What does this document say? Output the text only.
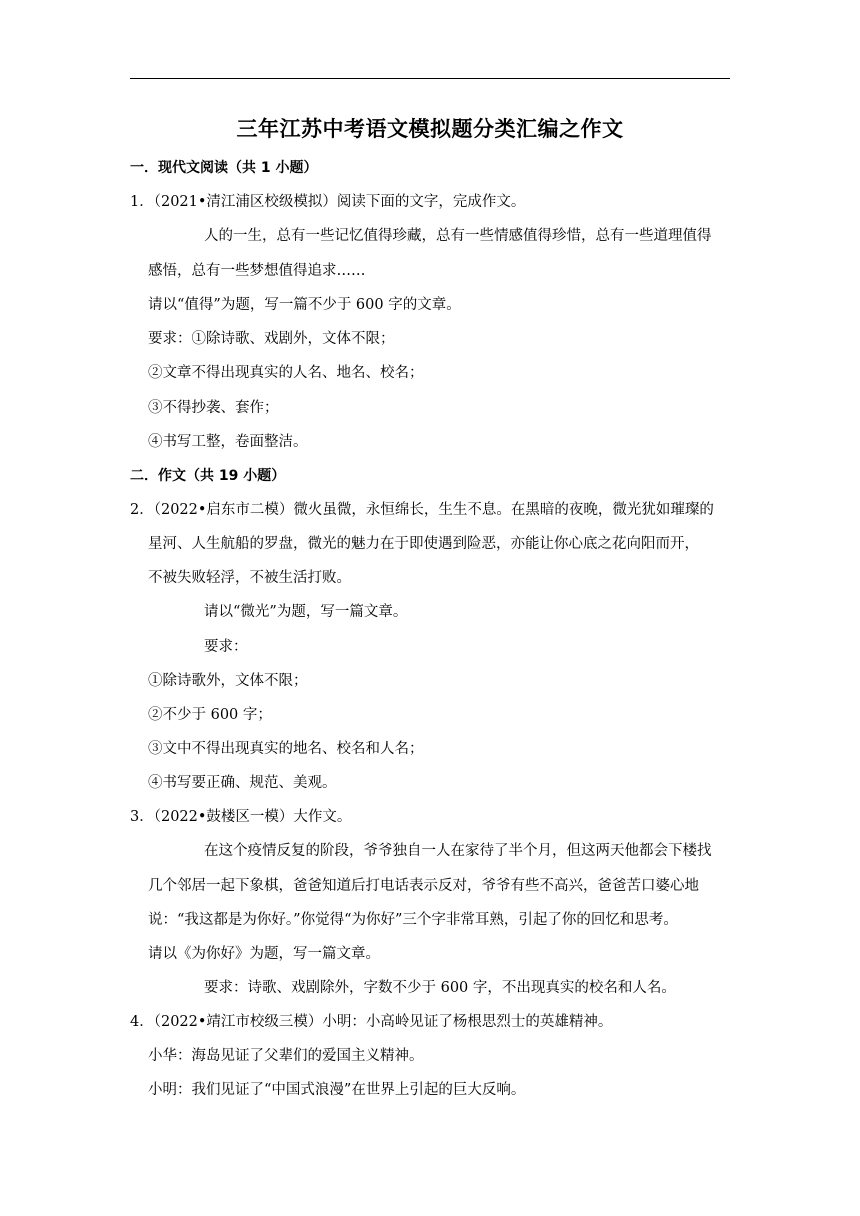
三年江苏中考语文模拟题分类汇编之作文
一．现代文阅读（共 1 小题）
1．（2021•清江浦区校级模拟）阅读下面的文字，完成作文。
人的一生，总有一些记忆值得珍藏，总有一些情感值得珍惜，总有一些道理值得
感悟，总有一些梦想值得追求……
请以“值得”为题，写一篇不少于 600 字的文章。
要求：①除诗歌、戏剧外，文体不限；
②文章不得出现真实的人名、地名、校名；
③不得抄袭、套作；
④书写工整，卷面整洁。
二．作文（共 19 小题）
2．（2022•启东市二模）微火虽微，永恒绵长，生生不息。在黑暗的夜晚，微光犹如璀璨的
星河、人生航船的罗盘，微光的魅力在于即使遇到险恶，亦能让你心底之花向阳而开，
不被失败轻浮，不被生活打败。
请以“微光”为题，写一篇文章。
要求：
①除诗歌外，文体不限；
②不少于 600 字；
③文中不得出现真实的地名、校名和人名；
④书写要正确、规范、美观。
3．（2022•鼓楼区一模）大作文。
在这个疫情反复的阶段，爷爷独自一人在家待了半个月，但这两天他都会下楼找
几个邻居一起下象棋，爸爸知道后打电话表示反对，爷爷有些不高兴，爸爸苦口婆心地
说：“我这都是为你好。”你觉得“为你好”三个字非常耳熟，引起了你的回忆和思考。
请以《为你好》为题，写一篇文章。
要求：诗歌、戏剧除外，字数不少于 600 字，不出现真实的校名和人名。
4．（2022•靖江市校级三模）小明：小高岭见证了杨根思烈士的英雄精神。
小华：海岛见证了父辈们的爱国主义精神。
小明：我们见证了“中国式浪漫”在世界上引起的巨大反响。
